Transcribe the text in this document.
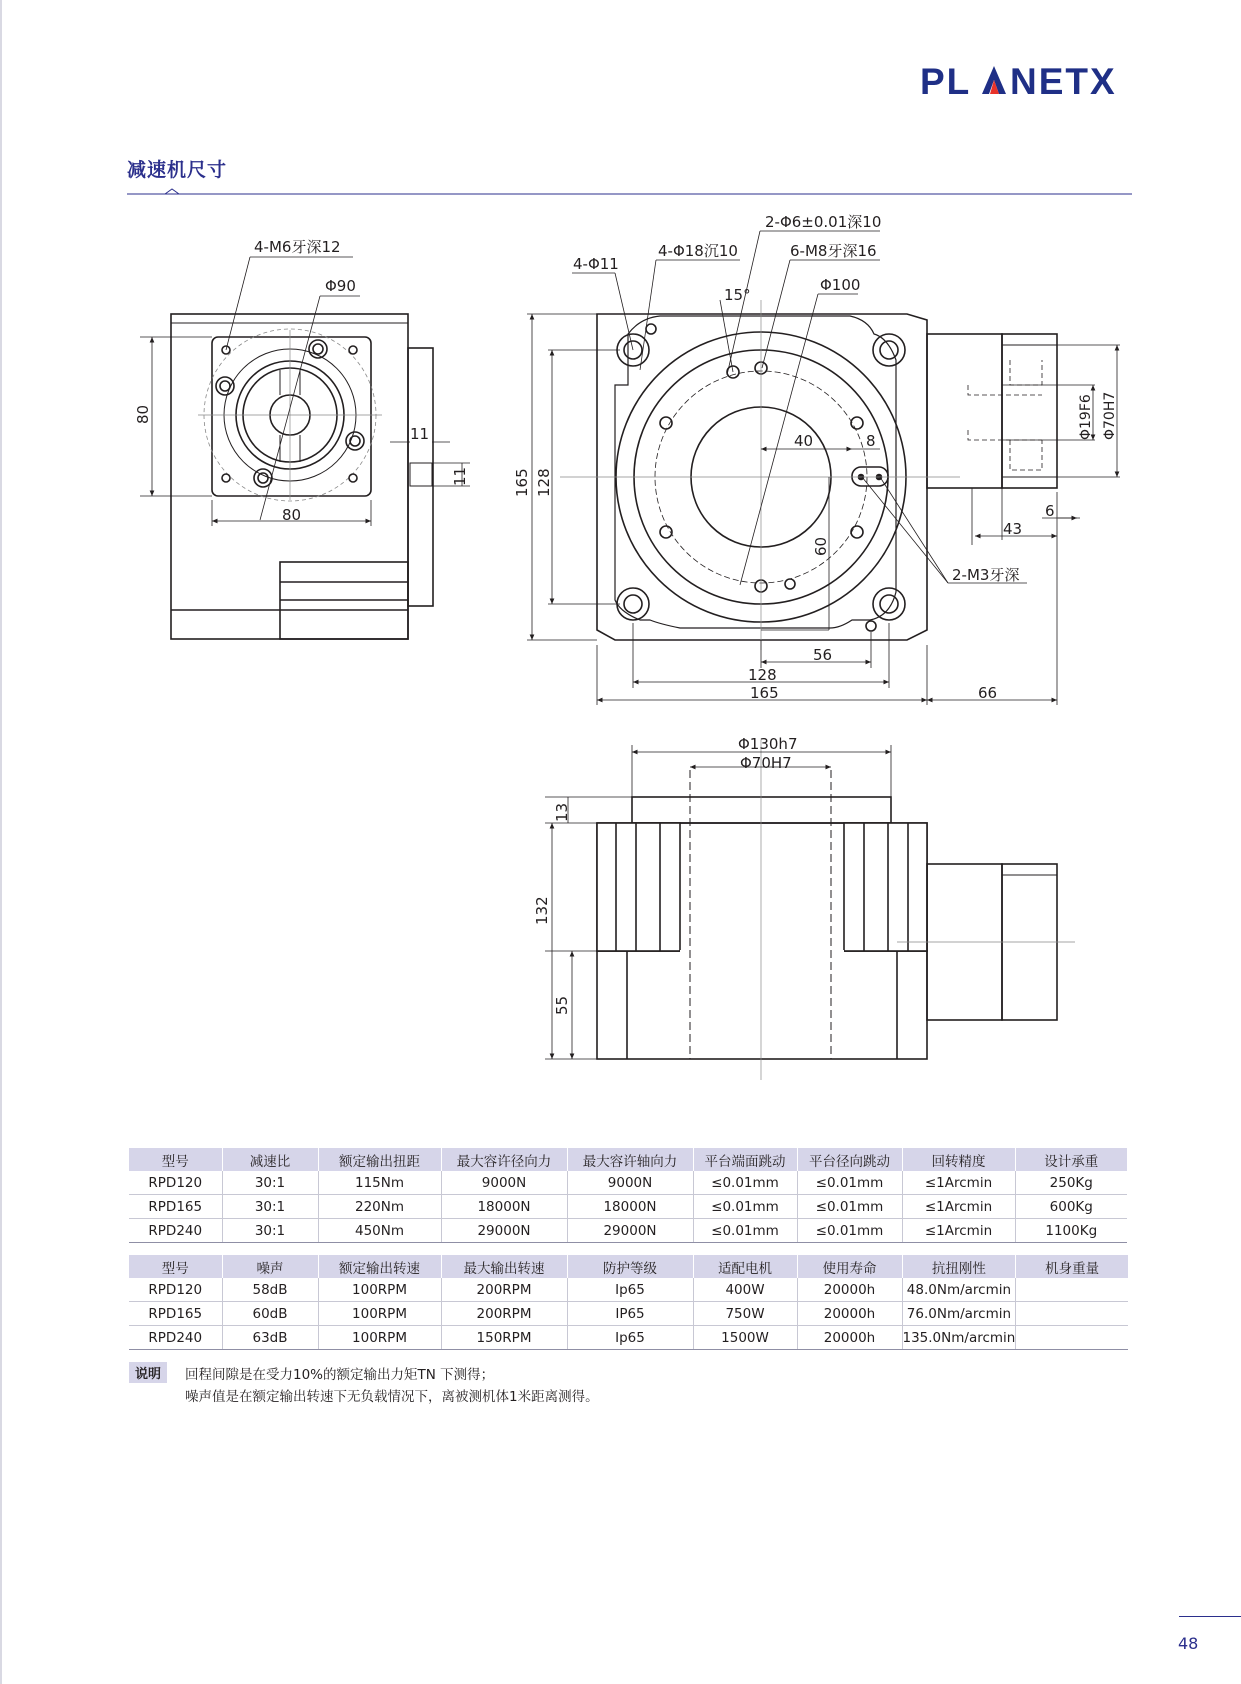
PL NETX
减速机尺寸
4-M6牙深12
Φ90
80
80
11
11
4-Φ11
4-Φ18沉10
2-Φ6±0.01深10
6-M8牙深16
Φ100
15°
40	8
60
56
128
165
128
165
66
43
6
Φ19F6 Φ70H7
2-M3牙深
Φ130h7
Φ70H7
13
132
55
型号	减速比	额定输出扭距	最大容许径向力	最大容许轴向力	平台端面跳动	平台径向跳动	回转精度	设计承重
RPD120	30:1	115Nm	9000N	9000N	≤0.01mm	≤0.01mm	≤1Arcmin	250Kg
RPD165	30:1	220Nm	18000N	18000N	≤0.01mm	≤0.01mm	≤1Arcmin	600Kg
RPD240	30:1	450Nm	29000N	29000N	≤0.01mm	≤0.01mm	≤1Arcmin	1100Kg
型号	噪声	额定输出转速	最大输出转速	防护等级	适配电机	使用寿命	抗扭刚性	机身重量
RPD120	58dB	100RPM	200RPM	Ip65	400W	20000h	48.0Nm/arcmin	
RPD165	60dB	100RPM	200RPM	IP65	750W	20000h	76.0Nm/arcmin	
RPD240	63dB	100RPM	150RPM	Ip65	1500W	20000h	135.0Nm/arcmin	
说明	回程间隙是在受力10%的额定输出力矩TN 下测得；
噪声值是在额定输出转速下无负载情况下，离被测机体1米距离测得。
48
